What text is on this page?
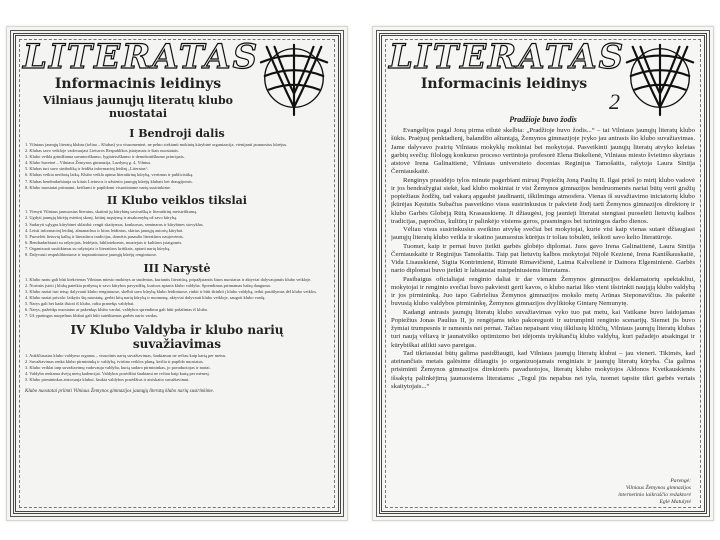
LITERATAS
Informacinis leidinys
Vilniaus jaunųjų literatų klubo nuostatai
I Bendroji dalis

1. Vilniaus jaunųjų literatų klubas (toliau – Klubas) yra visuomeninė, ne pelno siekianti mokinių kūrybinė organizacija, vienijanti jaunuosius kūrėjus.

2. Klubas savo veikloje vadovaujasi Lietuvos Respublikos įstatymais ir šiais nuostatais.

3. Klubo veikla grindžiama savanoriškumo, lygiateisiškumo ir demokratiškumo principais.

4. Klubo buveinė – Vilniaus Žemynos gimnazija, Lazdynų g. 4, Vilnius.

5. Klubas turi savo simboliką ir leidžia informacinį leidinį „Literatas“.

6. Klubas veikia neribotą laiką. Klubo veikla apima literatūrinę kūrybą, vertimus ir publicistiką.

7. Klubas bendradarbiauja su kitais Lietuvos ir užsienio jaunųjų kūrėjų klubais bei draugijomis.

8. Klubo nuostatai priimami, keičiami ir papildomi visuotiniame narių susirinkime.

II Klubo veiklos tikslai

1. Vienyti Vilniaus jaunuosius literatus, skatinti jų kūrybinę saviraišką ir literatūrinį meistriškumą.

2. Ugdyti jaunųjų kūrėjų estetinį skonį, kritinį mąstymą ir atsakomybę už savo kūrybą.

3. Sudaryti sąlygas kūrybinei sklaidai: rengti skaitymus, konkursus, seminarus ir kūrybines stovyklas.

4. Leisti informacinį leidinį, almanachus ir kitus leidinius, skirtus jaunųjų autorių kūrybai.

5. Puoselėti lietuvių kalbą ir literatūros tradicijas, domėtis pasaulio literatūros naujovėmis.

6. Bendradarbiauti su rašytojais, leidėjais, bibliotekomis, muziejais ir kultūros įstaigomis.

7. Organizuoti susitikimus su rašytojais ir literatūros kritikais, aptarti narių kūrybą.

8. Dalyvauti respublikiniuose ir tarptautiniuose jaunųjų kūrėjų renginiuose.

III Narystė

1. Klubo nariu gali būti kiekvienas Vilniaus miesto mokinys ar studentas, kuriantis literatūrą, pripažįstantis šiuos nuostatus ir aktyviai dalyvaujantis klubo veikloje.

2. Norintis įstoti į klubą pateikia prašymą ir savo kūrybos pavyzdžių, kuriuos aptaria klubo valdyba. Sprendimas priimamas balsų dauguma.

3. Klubo nariai turi teisę: dalyvauti klubo renginiuose, skelbti savo kūrybą klubo leidiniuose, rinkti ir būti išrinkti į klubo valdybą, teikti pasiūlymus dėl klubo veiklos.

4. Klubo nariai privalo: laikytis šių nuostatų, gerbti kitų narių kūrybą ir nuomonę, aktyviai dalyvauti klubo veikloje, saugoti klubo vardą.

5. Narys gali bet kada išstoti iš klubo, raštu pranešęs valdybai.

6. Narys, pažeidęs nuostatus ar pakenkęs klubo vardui, valdybos sprendimu gali būti pašalintas iš klubo.

7. Už ypatingus nuopelnus klubui gali būti suteikiamas garbės nario vardas.

IV Klubo Valdyba ir klubo narių suvažiavimas

1. Aukščiausias klubo valdymo organas – visuotinis narių suvažiavimas, šaukiamas ne rečiau kaip kartą per metus.

2. Suvažiavimas renka klubo pirmininką ir valdybą, tvirtina veiklos planą, keičia ir papildo nuostatus.

3. Klubo veiklai tarp suvažiavimų vadovauja valdyba, kurią sudaro pirmininkas, jo pavaduotojas ir nariai.

4. Valdyba renkama dvejų metų kadencijai. Valdybos posėdžiai šaukiami ne rečiau kaip kartą per mėnesį.

5. Klubo pirmininkas atstovauja klubui, šaukia valdybos posėdžius ir atsiskaito suvažiavimui.

Klubo nuostatai priimti Vilniaus Žemynos gimnazijos jaunųjų literatų klubo narių susirinkime.
LITERATAS
Informacinis leidinys
2
Pradžioje buvo žodis

Evangelijos pagal Joną pirma eilutė skelbia: „Pradžioje buvo žodis...“ – tai Vilniaus jaunųjų literatų klubo šūkis. Praėjusį penktadienį, balandžio aštuntąją, Žemynos gimnazijoje įvyko jau antrasis šio klubo suvažiavimas. Jame dalyvavo įvairių Vilniaus mokyklų mokiniai bei mokytojai. Pasveikinti jaunųjų literatų atvyko keletas garbių svečių: filologų konkurso proceso vertintoja profesorė Elena Bukelienė, Vilniaus miesto švietimo skyriaus atstovė Irena Galinaitienė, Vilniaus universiteto docentas Reginijus Tamošaitis, rašytoja Laura Sintija Černiauskaitė.

Renginys prasidėjo tylos minute pagerbiant mirusį Popiežių Joną Paulių II. Ilgai prieš jo mirtį klubo vadovė ir jos bendražygiai siekė, kad klubo mokiniai ir visi Žemynos gimnazijos bendruomenės nariai būtų verti gražių popiežiaus žodžių, tad vakarą apgaubė jaudinanti, iškilminga atmosfera. Vienas iš suvažiavimo iniciatorių klubo įkūrėjas Kęstutis Subačius pasveikino visus susirinkusius ir pakvietė žodį tarti Žemynos gimnazijos direktorę ir klubo Garbės Globėją Rūtą Krasauskienę. Ji džiaugėsi, jog jaunieji literatai stengiasi puoselėti lietuvių kalbos tradicijas, papročius, kultūrą ir palinkėjo visiems geros, prasmingos bei turiningos darbo dienos.

Vėliau visus susirinkusius sveikino atvykę svečiai bei mokytojai, kurie visi kaip vienas sutarė džiaugiasi jaunųjų literatų klubo veikla ir skatino jaunuosius kūrėjus ir toliau tobulėti, ieškoti savo kelio literatūroje.

Tuomet, kaip ir pernai buvo įteikti garbės globėjo diplomai. Juos gavo Irena Galinaitienė, Laura Sintija Černiauskaitė ir Reginijus Tamošaitis. Taip pat lietuvių kalbos mokytojai Nijolė Kezienė, Irena Kaniškauskaitė, Vida Lisauskienė, Sigita Kontrimienė, Rimutė Rimavičienė, Laima Kalvelienė ir Dainora Elgeminienė. Garbės nario diplomai buvo įteikti ir labiausiai nusipelniusiems literatams.

Pasibaigus oficialiajai renginio daliai ir dar vienam Žemynos gimnazijos deklamatorių spektakliui, mokytojai ir renginio svečiai buvo pakviesti gerti kavos, o klubo nariai liko vieni išsirinkti naująją klubo valdybą ir jos pirmininką. Juo tapo Gabrielius Žemynos gimnazijos mokslo metų Arūnas Steponavičius. Jis pakeitė buvusią klubo valdybos pirmininkę, Žemynos gimnazijos dvyliktokę Gintarę Nemunytę.

Kadangi antrasis jaunųjų literatų klubo suvažiavimas vyko tuo pat metu, kai Vatikane buvo laidojamas Popiežius Jonas Paulius II, jo rengėjams teko pakoreguoti ir sutrumpinti renginio scenarijų. Siemet jis buvo žymiai trumpesnis ir ramesnis nei pernai. Tačiau nepaisant visų iškilusių kliūčių, Vilniaus jaunųjų literatų klubas turi naują vėliavą ir jaunatviško optimizmo bei idėjomis trykštančią klubo valdybą, kuri pažadėjo atsakingai ir kūrybiškai atlikti savo pareigas.

Tad tikriausiai būtų galima pasidžiaugti, kad Vilniaus jaunųjų literatų klubui – jau vieneri. Tikimės, kad ateinančiais metais galėsime džiaugtis jo organizuojamais renginiais ir jaunųjų literatų kūryba. Čia galima prisiminti Žemynos gimnazijos direktorės pavaduotojos, literatų klubo mokytojos Aldonos Kvetkauskienės išsakytą palinkėjimą jaunuosiems literatams: „Tegul jūs nepabus nei tyla, tuomet tapsite tikri garbės vertais skaitytojais...“

Parengė:
Vilniaus Žemynos gimnazijos
internetinio laikraščio redaktorė
Eglė Matulytė
